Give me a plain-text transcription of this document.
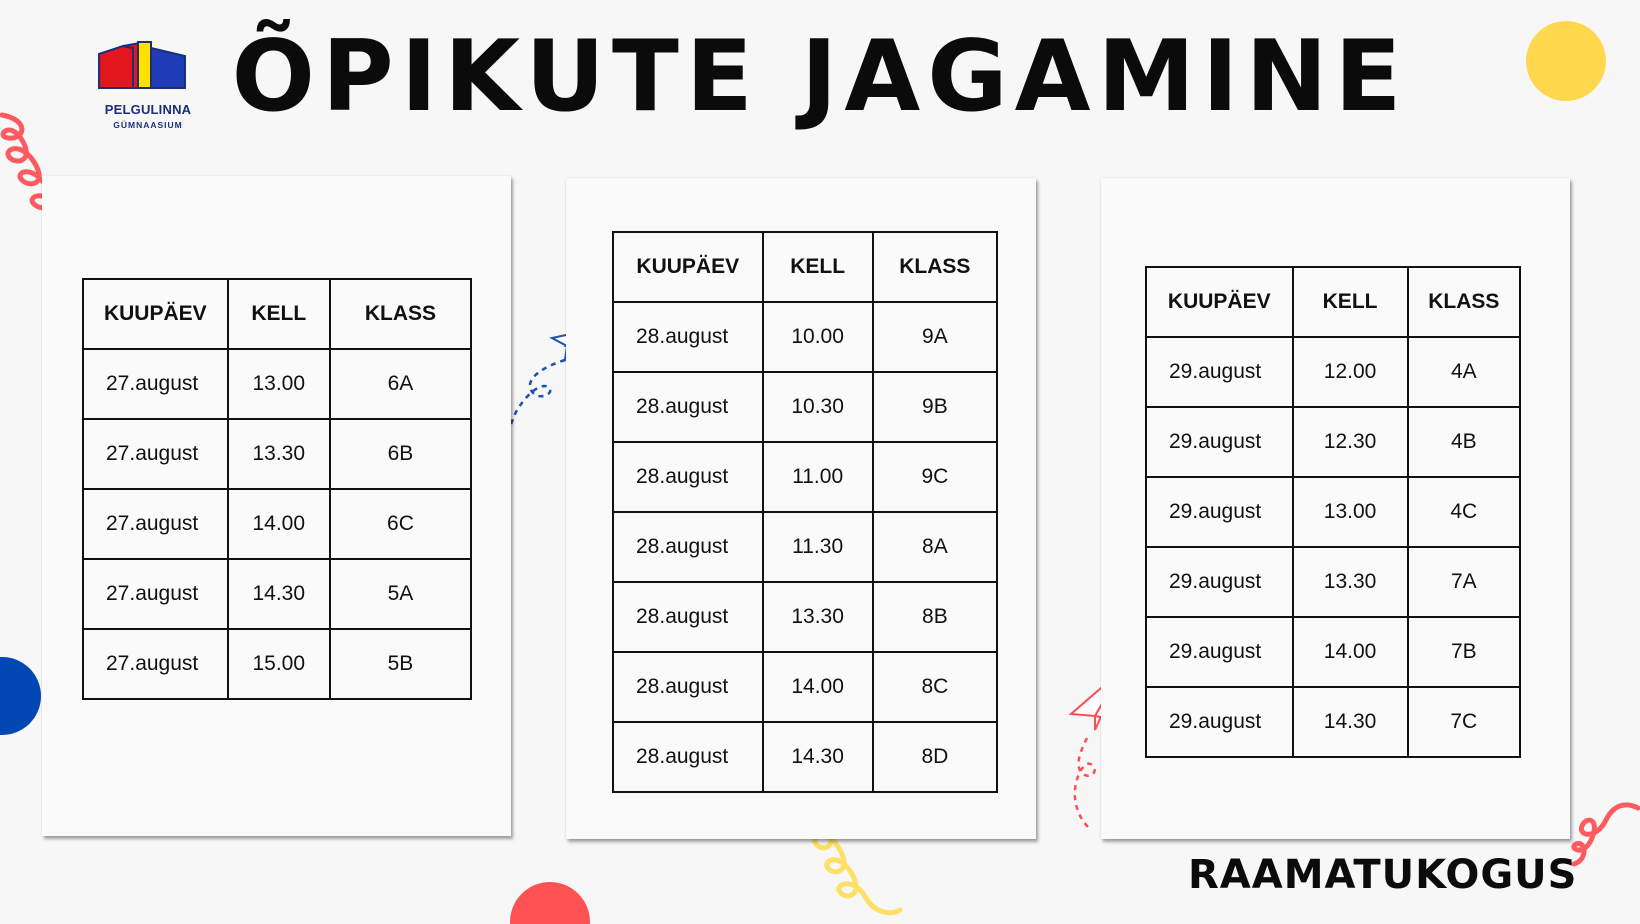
ÕPIKUTE JAGAMINE
PELGULINNA
GÜMNAASIUM
KUUPÄEV	KELL	KLASS
27.august	13.00	6A
27.august	13.30	6B
27.august	14.00	6C
27.august	14.30	5A
27.august	15.00	5B
KUUPÄEV	KELL	KLASS
28.august	10.00	9A
28.august	10.30	9B
28.august	11.00	9C
28.august	11.30	8A
28.august	13.30	8B
28.august	14.00	8C
28.august	14.30	8D
KUUPÄEV	KELL	KLASS
29.august	12.00	4A
29.august	12.30	4B
29.august	13.00	4C
29.august	13.30	7A
29.august	14.00	7B
29.august	14.30	7C
RAAMATUKOGUS
